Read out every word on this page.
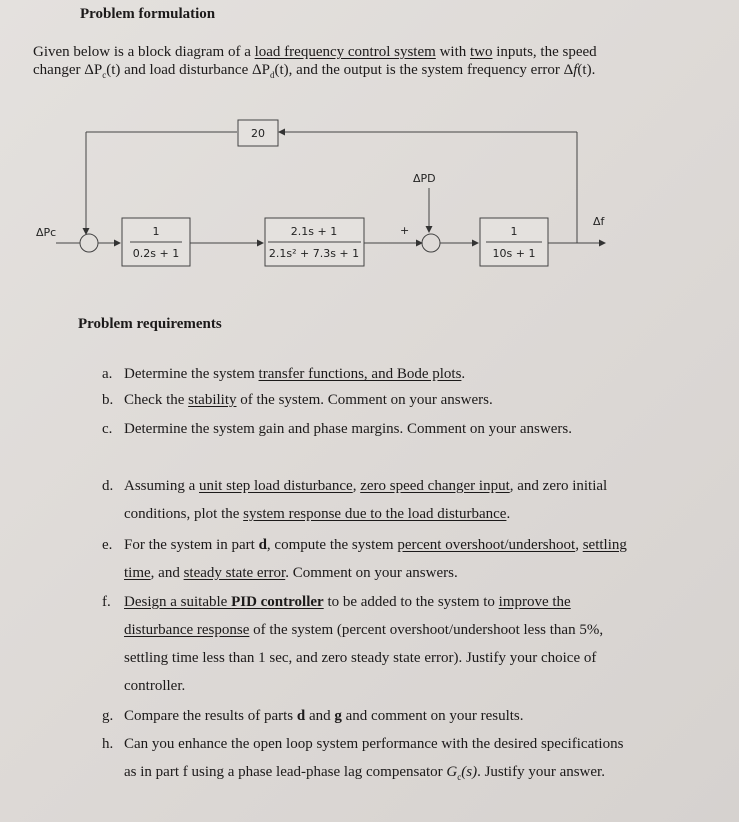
Problem formulation
Given below is a block diagram of a load frequency control system with two inputs, the speed
changer $\Delta P_c(t)$ and load disturbance $\Delta P_d(t)$, and the output is the system frequency error Δf(t).
1
0.2s + 1
2.1s + 1
2.1s² + 7.3s + 1
1
10s + 1
20
ΔPc
ΔPD
Δf
+
Problem requirements
a. Determine the system transfer functions, and Bode plots.
b. Check the stability of the system. Comment on your answers.
c. Determine the system gain and phase margins. Comment on your answers.
d. Assuming a unit step load disturbance, zero speed changer input, and zero initial
conditions, plot the system response due to the load disturbance.
e. For the system in part d, compute the system percent overshoot/undershoot, settling
time, and steady state error. Comment on your answers.
f. Design a suitable PID controller to be added to the system to improve the
disturbance response of the system (percent overshoot/undershoot less than 5%,
settling time less than 1 sec, and zero steady state error). Justify your choice of
controller.
g. Compare the results of parts d and g and comment on your results.
h. Can you enhance the open loop system performance with the desired specifications
as in part f using a phase lead-phase lag compensator $G_c(s)$. Justify your answer.
